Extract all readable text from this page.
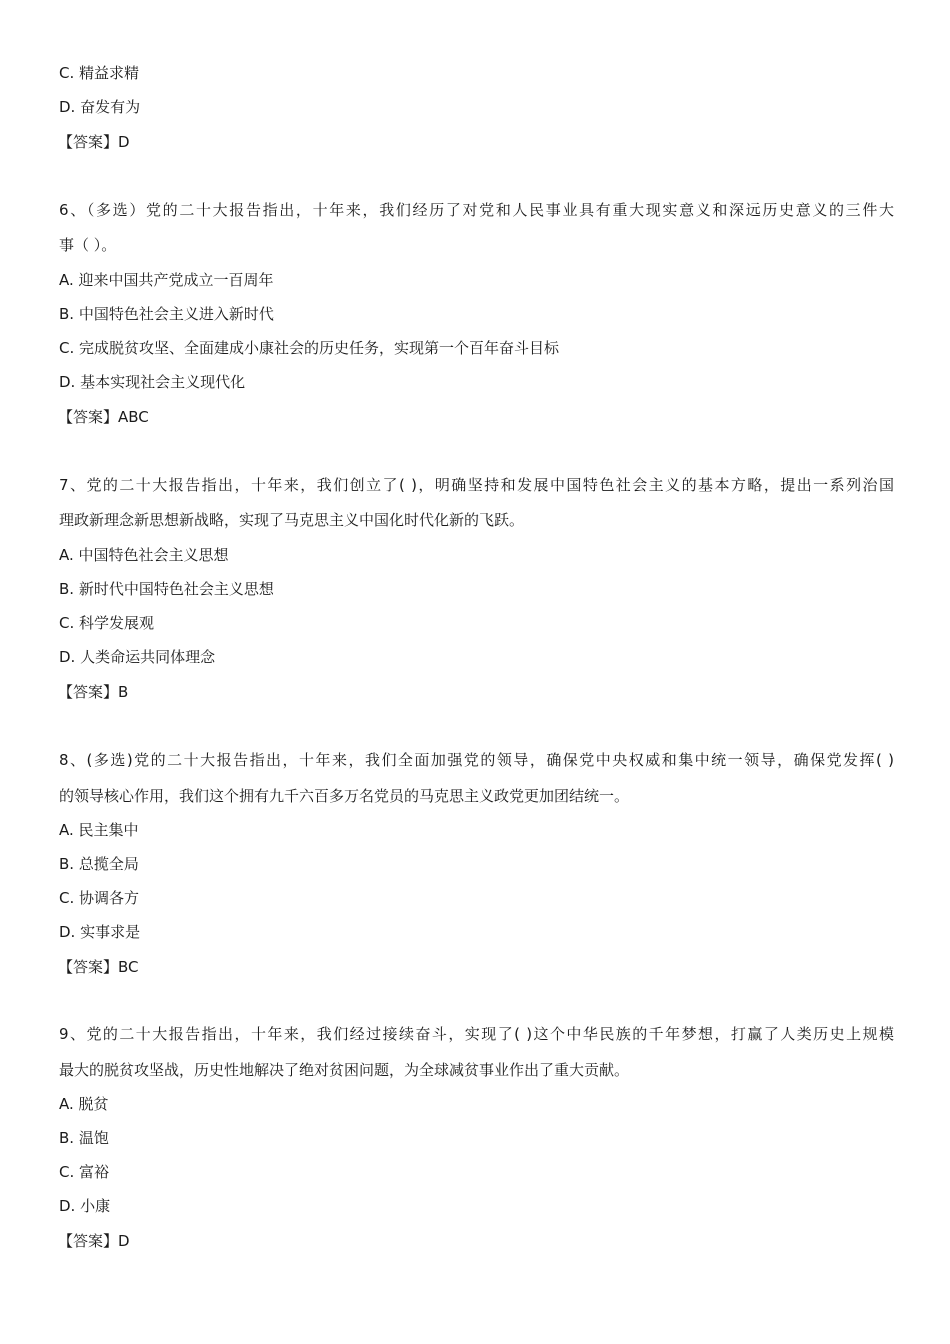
C. 精益求精
D. 奋发有为
【答案】D
6、（多选）党的二十大报告指出，十年来，我们经历了对党和人民事业具有重大现实意义和深远历史意义的三件大
事（ ）。
A. 迎来中国共产党成立一百周年
B. 中国特色社会主义进入新时代
C. 完成脱贫攻坚、全面建成小康社会的历史任务，实现第一个百年奋斗目标
D. 基本实现社会主义现代化
【答案】ABC
7、党的二十大报告指出，十年来，我们创立了( )，明确坚持和发展中国特色社会主义的基本方略，提出一系列治国
理政新理念新思想新战略，实现了马克思主义中国化时代化新的飞跃。
A. 中国特色社会主义思想
B. 新时代中国特色社会主义思想
C. 科学发展观
D. 人类命运共同体理念
【答案】B
8、(多选)党的二十大报告指出，十年来，我们全面加强党的领导，确保党中央权威和集中统一领导，确保党发挥( )
的领导核心作用，我们这个拥有九千六百多万名党员的马克思主义政党更加团结统一。
A. 民主集中
B. 总揽全局
C. 协调各方
D. 实事求是
【答案】BC
9、党的二十大报告指出，十年来，我们经过接续奋斗，实现了( )这个中华民族的千年梦想，打赢了人类历史上规模
最大的脱贫攻坚战，历史性地解决了绝对贫困问题，为全球减贫事业作出了重大贡献。
A. 脱贫
B. 温饱
C. 富裕
D. 小康
【答案】D
